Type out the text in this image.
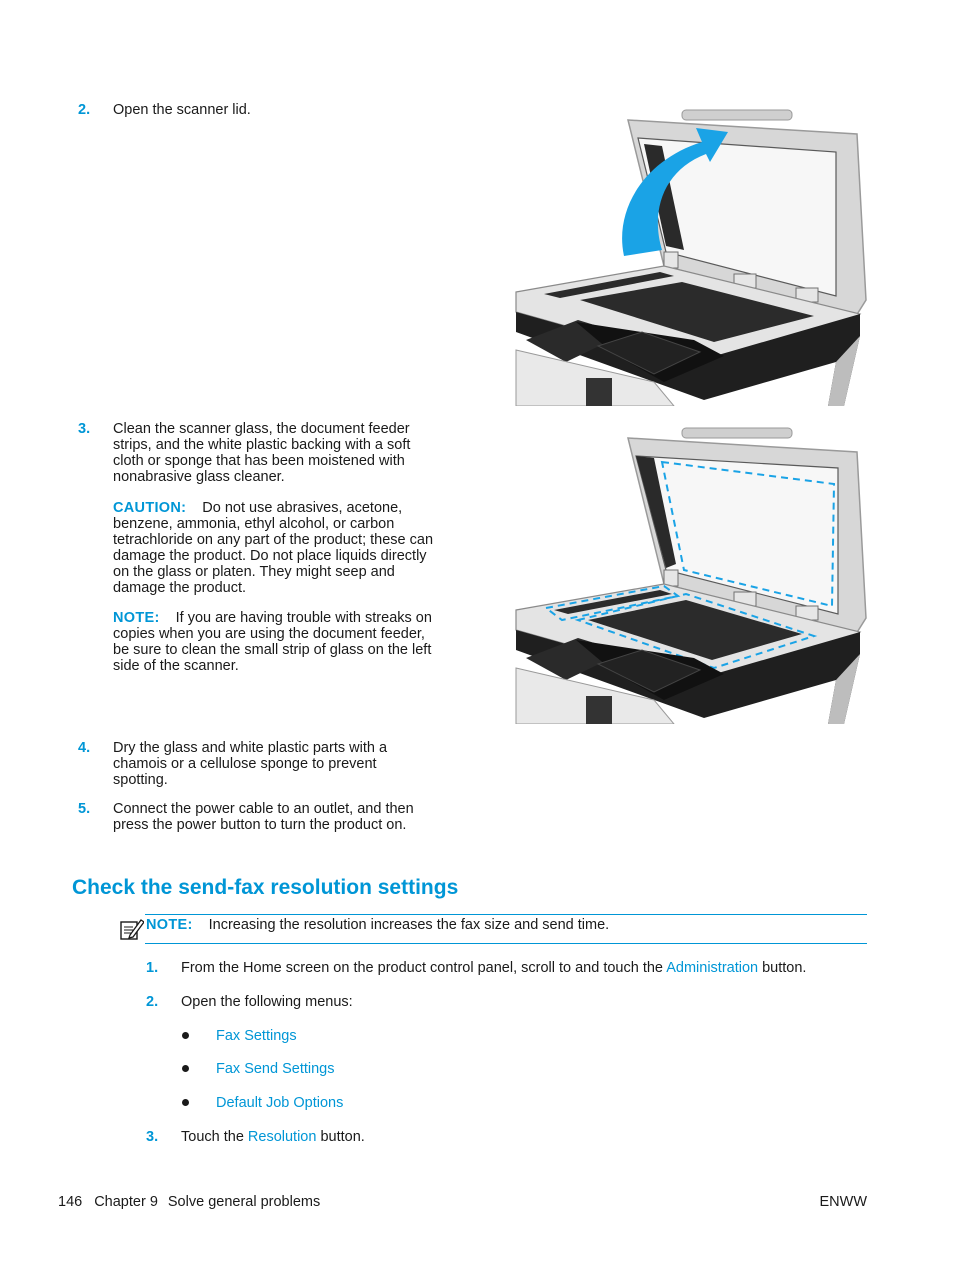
2. Open the scanner lid.
3. Clean the scanner glass, the document feeder strips, and the white plastic backing with a soft cloth or sponge that has been moistened with nonabrasive glass cleaner.
CAUTION: Do not use abrasives, acetone, benzene, ammonia, ethyl alcohol, or carbon tetrachloride on any part of the product; these can damage the product. Do not place liquids directly on the glass or platen. They might seep and damage the product.
NOTE: If you are having trouble with streaks on copies when you are using the document feeder, be sure to clean the small strip of glass on the left side of the scanner.
4. Dry the glass and white plastic parts with a chamois or a cellulose sponge to prevent spotting.
5. Connect the power cable to an outlet, and then press the power button to turn the product on.
Check the send-fax resolution settings
NOTE: Increasing the resolution increases the fax size and send time.
1. From the Home screen on the product control panel, scroll to and touch the Administration button.
2. Open the following menus:
Fax Settings
Fax Send Settings
Default Job Options
3. Touch the Resolution button.
146 Chapter 9 Solve general problems	ENWW
